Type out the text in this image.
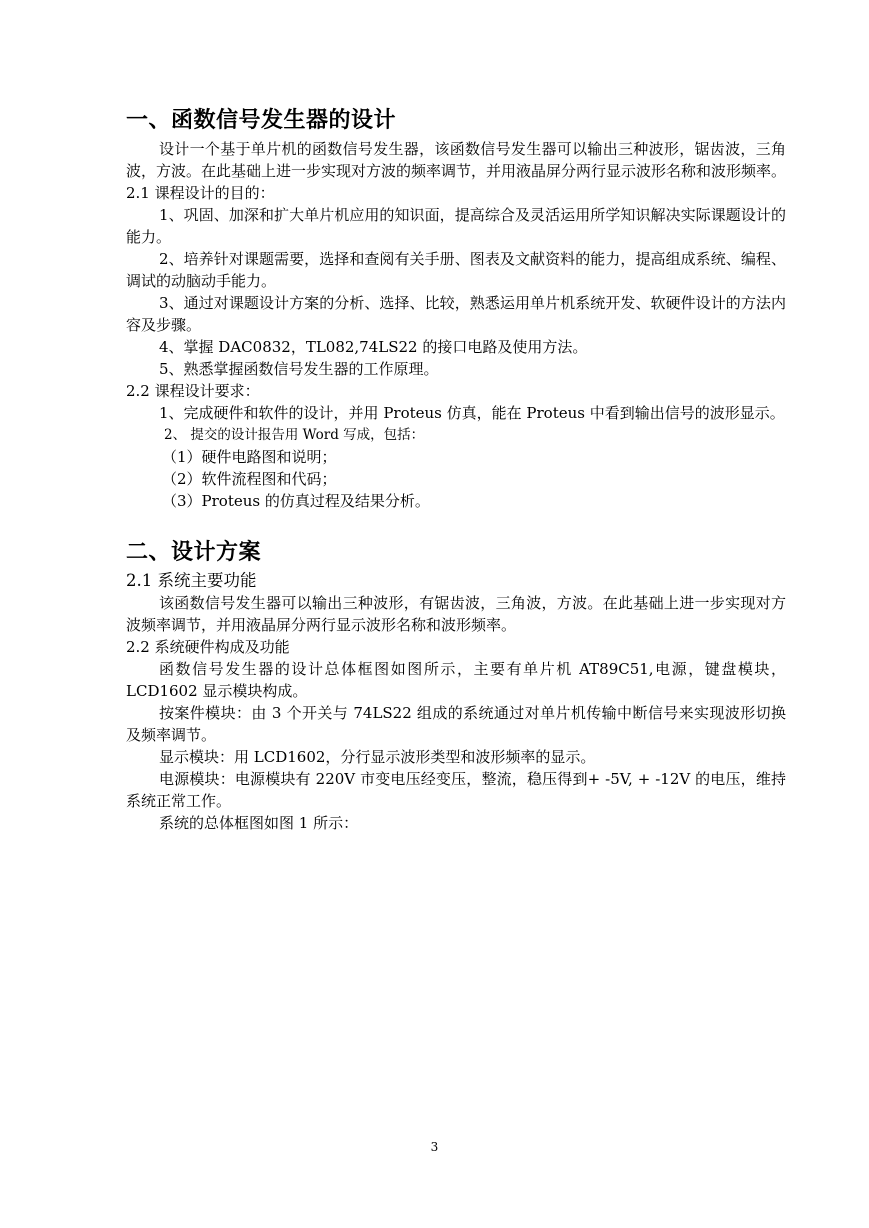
一、函数信号发生器的设计

设计一个基于单片机的函数信号发生器，该函数信号发生器可以输出三种波形，锯齿波，三角波，方波。在此基础上进一步实现对方波的频率调节，并用液晶屏分两行显示波形名称和波形频率。

2.1 课程设计的目的：

1、巩固、加深和扩大单片机应用的知识面，提高综合及灵活运用所学知识解决实际课题设计的能力。

2、培养针对课题需要，选择和查阅有关手册、图表及文献资料的能力，提高组成系统、编程、调试的动脑动手能力。

3、通过对课题设计方案的分析、选择、比较，熟悉运用单片机系统开发、软硬件设计的方法内容及步骤。

4、掌握 DAC0832，TL082,74LS22 的接口电路及使用方法。

5、熟悉掌握函数信号发生器的工作原理。

2.2 课程设计要求：

1、完成硬件和软件的设计，并用 Proteus 仿真，能在 Proteus 中看到输出信号的波形显示。

2、 提交的设计报告用 Word 写成，包括：

（1）硬件电路图和说明；

（2）软件流程图和代码；

（3）Proteus 的仿真过程及结果分析。

二、设计方案

2.1 系统主要功能

该函数信号发生器可以输出三种波形，有锯齿波，三角波，方波。在此基础上进一步实现对方波频率调节，并用液晶屏分两行显示波形名称和波形频率。

2.2 系统硬件构成及功能

函数信号发生器的设计总体框图如图所示，主要有单片机 AT89C51,电源，键盘模块，LCD1602 显示模块构成。

按案件模块：由 3 个开关与 74LS22 组成的系统通过对单片机传输中断信号来实现波形切换及频率调节。

显示模块：用 LCD1602，分行显示波形类型和波形频率的显示。

电源模块：电源模块有 220V 市变电压经变压，整流，稳压得到+ -5V, + -12V 的电压，维持系统正常工作。

系统的总体框图如图 1 所示：

3
